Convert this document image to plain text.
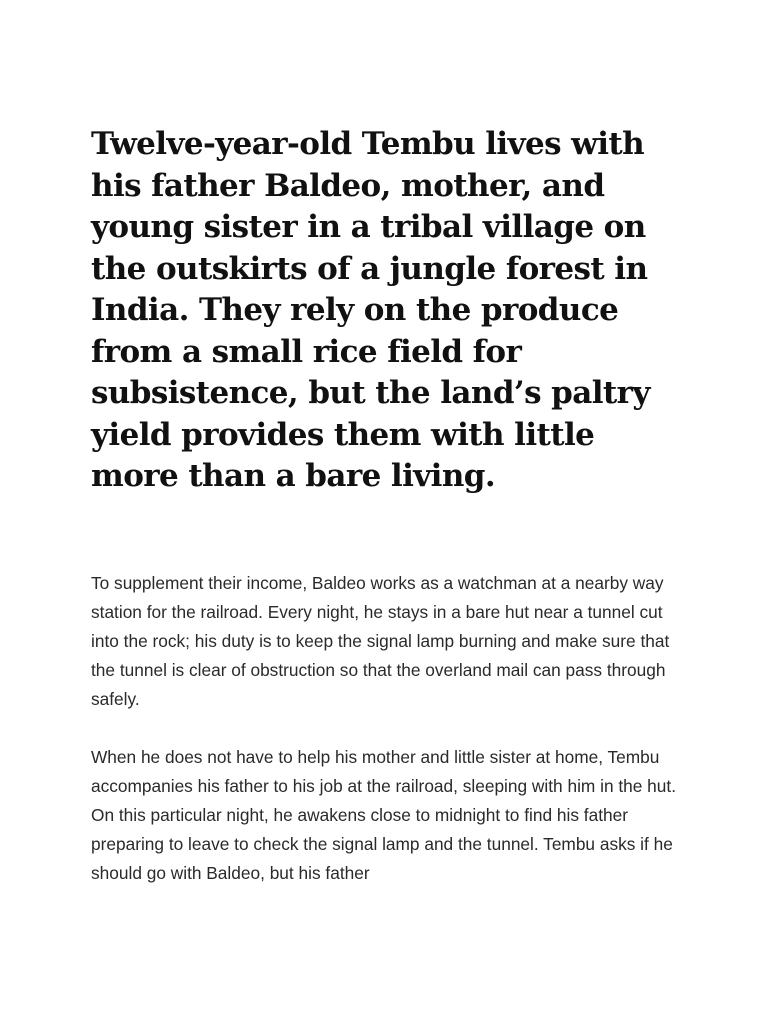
Twelve-year-old Tembu lives with his father Baldeo, mother, and young sister in a tribal village on the outskirts of a jungle forest in India. They rely on the produce from a small rice field for subsistence, but the land’s paltry yield provides them with little more than a bare living.

To supplement their income, Baldeo works as a watchman at a nearby way station for the railroad. Every night, he stays in a bare hut near a tunnel cut into the rock; his duty is to keep the signal lamp burning and make sure that the tunnel is clear of obstruction so that the overland mail can pass through safely.

When he does not have to help his mother and little sister at home, Tembu accompanies his father to his job at the railroad, sleeping with him in the hut. On this particular night, he awakens close to midnight to find his father preparing to leave to check the signal lamp and the tunnel. Tembu asks if he should go with Baldeo, but his father
